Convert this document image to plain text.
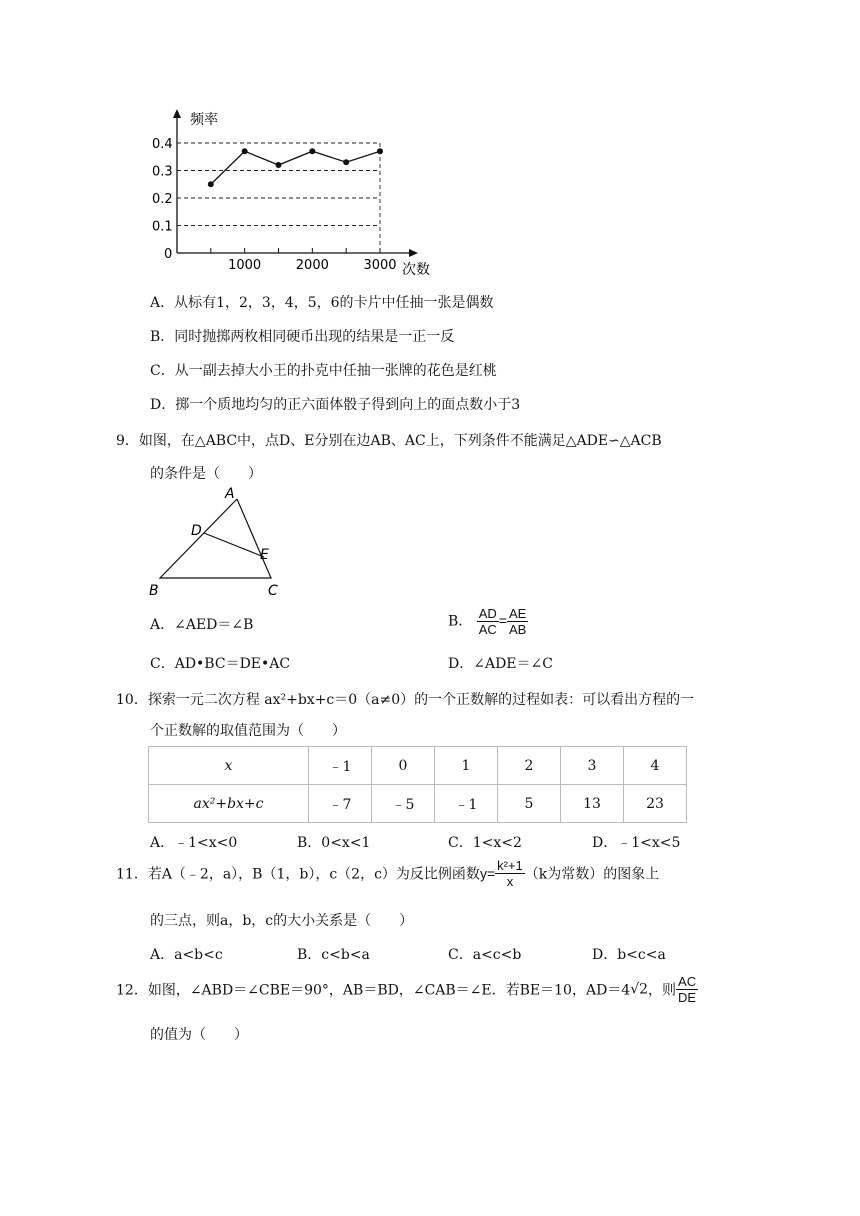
频率
次数
0
0.1
0.2
0.3
0.4
1000	2000	3000
A．从标有1，2，3，4，5，6的卡片中任抽一张是偶数
B．同时抛掷两枚相同硬币出现的结果是一正一反
C．从一副去掉大小王的扑克中任抽一张牌的花色是红桃
D．掷一个质地均匀的正六面体骰子得到向上的面点数小于3
9．如图，在△ABC中，点D、E分别在边AB、AC上，下列条件不能满足△ADE∽△ACB
的条件是（　　）
A
D
E
B	C
A．∠AED＝∠B	B． $\frac{AD}{AC} = \frac{AE}{AB}$
C．AD•BC＝DE•AC	D．∠ADE＝∠C
10．探索一元二次方程 ax²+bx+c＝0（a≠0）的一个正数解的过程如表：可以看出方程的一
个正数解的取值范围为（　　）
x	﹣1	0	1	2	3	4
ax²+bx+c	﹣7	﹣5	﹣1	5	13	23
A．﹣1<x<0	B．0<x<1	C．1<x<2	D．﹣1<x<5
11．若A（﹣2，a），B（1，b），c（2，c）为反比例函数$y= \frac{\text{k²+1}}{x} (k$为常数）的图象上
的三点，则a，b，c的大小关系是（　　）
A．a<b<c	B．c<b<a	C．a<c<b	D．b<c<a
12．如图，∠ABD＝∠CBE＝90°，AB＝BD，∠CAB＝∠E．若BE＝10，AD＝4√2，则 $\frac{AC}{DE}$
的值为（　　）
